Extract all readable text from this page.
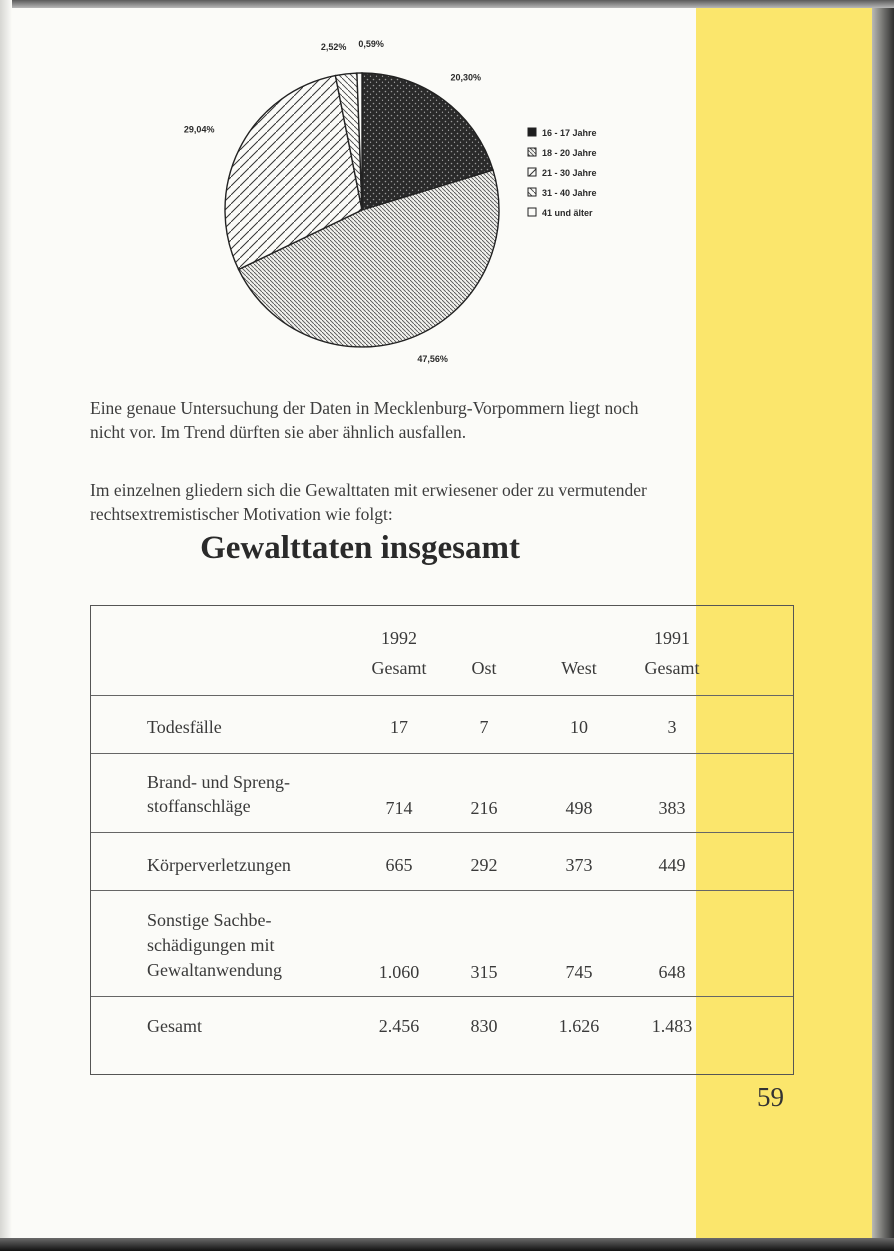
20,30%
47,56%
29,04%
2,52% 0,59%
16 - 17 Jahre
18 - 20 Jahre
21 - 30 Jahre
31 - 40 Jahre
41 und älter

Eine genaue Untersuchung der Daten in Mecklenburg-Vorpommern liegt noch nicht vor. Im Trend dürften sie aber ähnlich ausfallen.

Im einzelnen gliedern sich die Gewalttaten mit erwiesener oder zu vermutender rechtsextremistischer Motivation wie folgt:

Gewalttaten insgesamt
1992	1991
Gesamt	Ost	West	Gesamt
Todesfälle	17	7	10	3
Brand- und Spreng-
stoffanschläge	714	216	498	383
Körperverletzungen	665	292	373	449
Sonstige Sachbe-
schädigungen mit
Gewaltanwendung	1.060	315	745	648
Gesamt	2.456	830	1.626	1.483
59
